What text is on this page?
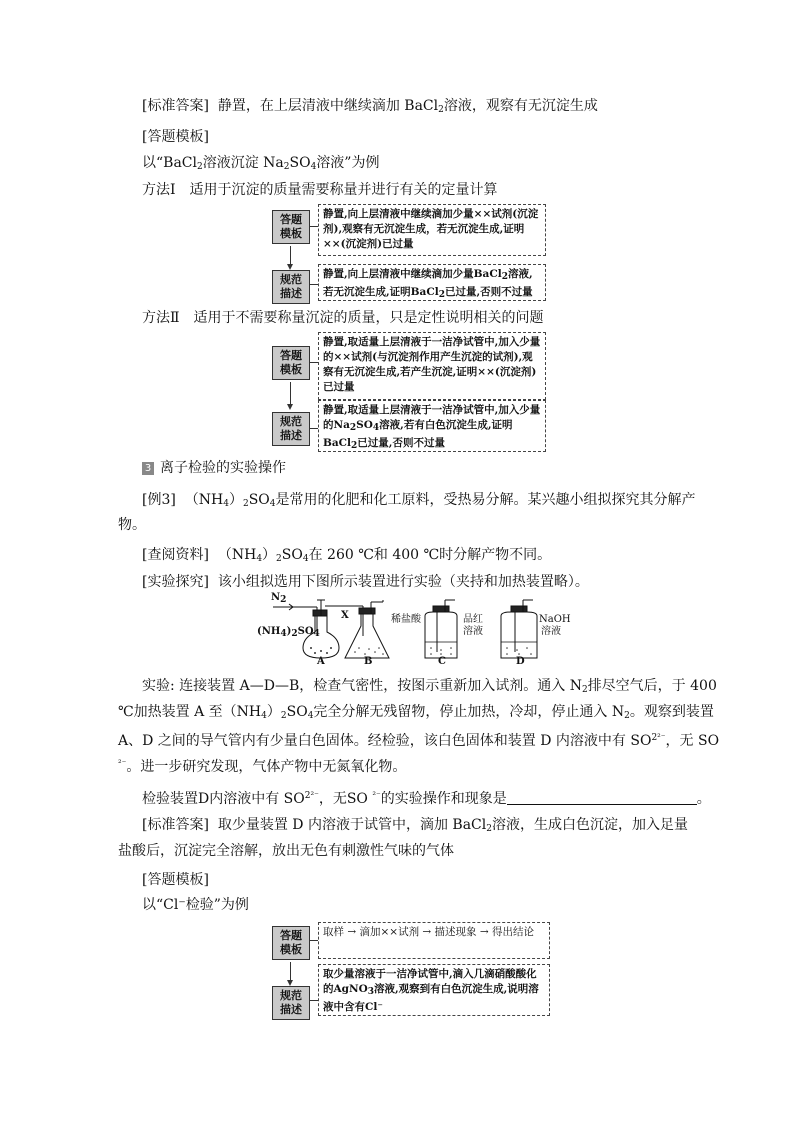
[标准答案] 静置，在上层清液中继续滴加 BaCl$_2$溶液，观察有无沉淀生成
[答题模板]
以“BaCl$_2$溶液沉淀 $Na_2SO_4$溶液”为例
方法Ⅰ　适用于沉淀的质量需要称量并进行有关的定量计算
答题模板
静置,向上层清液中继续滴加少量××试剂(沉淀剂),观察有无沉淀生成，若无沉淀生成,证明××(沉淀剂)已过量
规范描述
静置,向上层清液中继续滴加少量BaCl2溶液,若无沉淀生成,证明BaCl2已过量,否则不过量
方法Ⅱ　适用于不需要称量沉淀的质量，只是定性说明相关的问题
答题模板
静置,取适量上层清液于一洁净试管中,加入少量的××试剂(与沉淀剂作用产生沉淀的试剂),观察有无沉淀生成,若产生沉淀,证明××(沉淀剂)已过量
规范描述
静置,取适量上层清液于一洁净试管中,加入少量的Na2SO4溶液,若有白色沉淀生成,证明BaCl2已过量,否则不过量
3 离子检验的实验操作
[例3] $(NH_4)_2SO_4$是常用的化肥和化工原料，受热易分解。某兴趣小组拟探究其分解产
物。
[查阅资料] $(NH_4)_2SO_4$在 260 ℃和 400 ℃时分解产物不同。
[实验探究] 该小组拟选用下图所示装置进行实验（夹持和加热装置略）。
N2
(NH4)2SO4
X	稀盐酸	品红
溶液
NaOH
溶液
A	B	C	D
实验: 连接装置 A—D—B，检查气密性，按图示重新加入试剂。通入 $N_2$排尽空气后，于 400
℃加热装置 A 至$(NH_4)_2SO_4$完全分解无残留物，停止加热，冷却，停止通入 $N_2$。观察到装置
A、D 之间的导气管内有少量白色固体。经检验，该白色固体和装置 D 内溶液中有 $SO^{2^{2-}}$，无 SO
$^{^{2-}}$。进一步研究发现，气体产物中无氮氧化物。
检验装置D内溶液中有 $SO^{2^{2-}}$，无SO $^{^{2-}}$的实验操作和现象是	。
[标准答案] 取少量装置 D 内溶液于试管中，滴加 BaCl$_2$溶液，生成白色沉淀，加入足量
盐酸后，沉淀完全溶解，放出无色有刺激性气味的气体
[答题模板]
以“Cl⁻检验”为例
答题模板
取样 → 滴加××试剂 → 描述现象 → 得出结论
规范描述
取少量溶液于一洁净试管中,滴入几滴硝酸酸化的AgNO3溶液,观察到有白色沉淀生成,说明溶液中含有Cl⁻
